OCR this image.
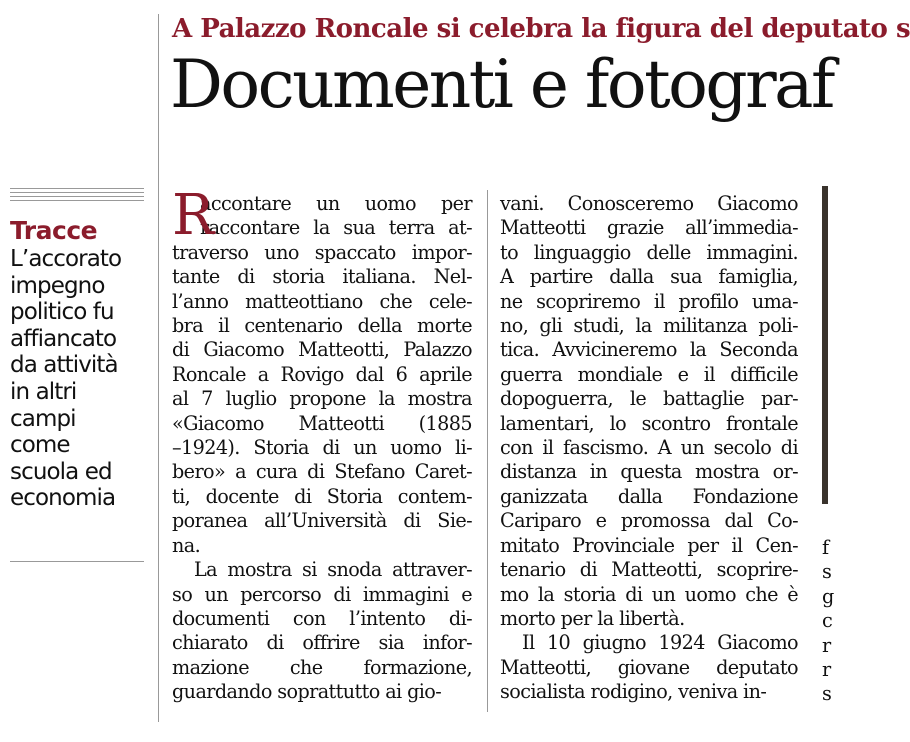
A Palazzo Roncale si celebra la figura del deputato s
Documenti e fotograf
Tracce
L’accorato
impegno
politico fu
affiancato
da attività
in altri
campi
come
scuola ed
economia
R
accontare un uomo per
raccontare la sua terra at-
traverso uno spaccato impor-
tante di storia italiana. Nel-
l’anno matteottiano che cele-
bra il centenario della morte
di Giacomo Matteotti, Palazzo
Roncale a Rovigo dal 6 aprile
al 7 luglio propone la mostra
«Giacomo Matteotti (1885
–1924). Storia di un uomo li-
bero» a cura di Stefano Caret-
ti, docente di Storia contem-
poranea all’Università di Sie-
na.
La mostra si snoda attraver-
so un percorso di immagini e
documenti con l’intento di-
chiarato di offrire sia infor-
mazione che formazione,
guardando soprattutto ai gio-
vani. Conosceremo Giacomo
Matteotti grazie all’immedia-
to linguaggio delle immagini.
A partire dalla sua famiglia,
ne scopriremo il profilo uma-
no, gli studi, la militanza poli-
tica. Avvicineremo la Seconda
guerra mondiale e il difficile
dopoguerra, le battaglie par-
lamentari, lo scontro frontale
con il fascismo. A un secolo di
distanza in questa mostra or-
ganizzata dalla Fondazione
Cariparo e promossa dal Co-
mitato Provinciale per il Cen-
tenario di Matteotti, scoprire-
mo la storia di un uomo che è
morto per la libertà.
Il 10 giugno 1924 Giacomo
Matteotti, giovane deputato
socialista rodigino, veniva in-
f
s
g
c
r
r
s
